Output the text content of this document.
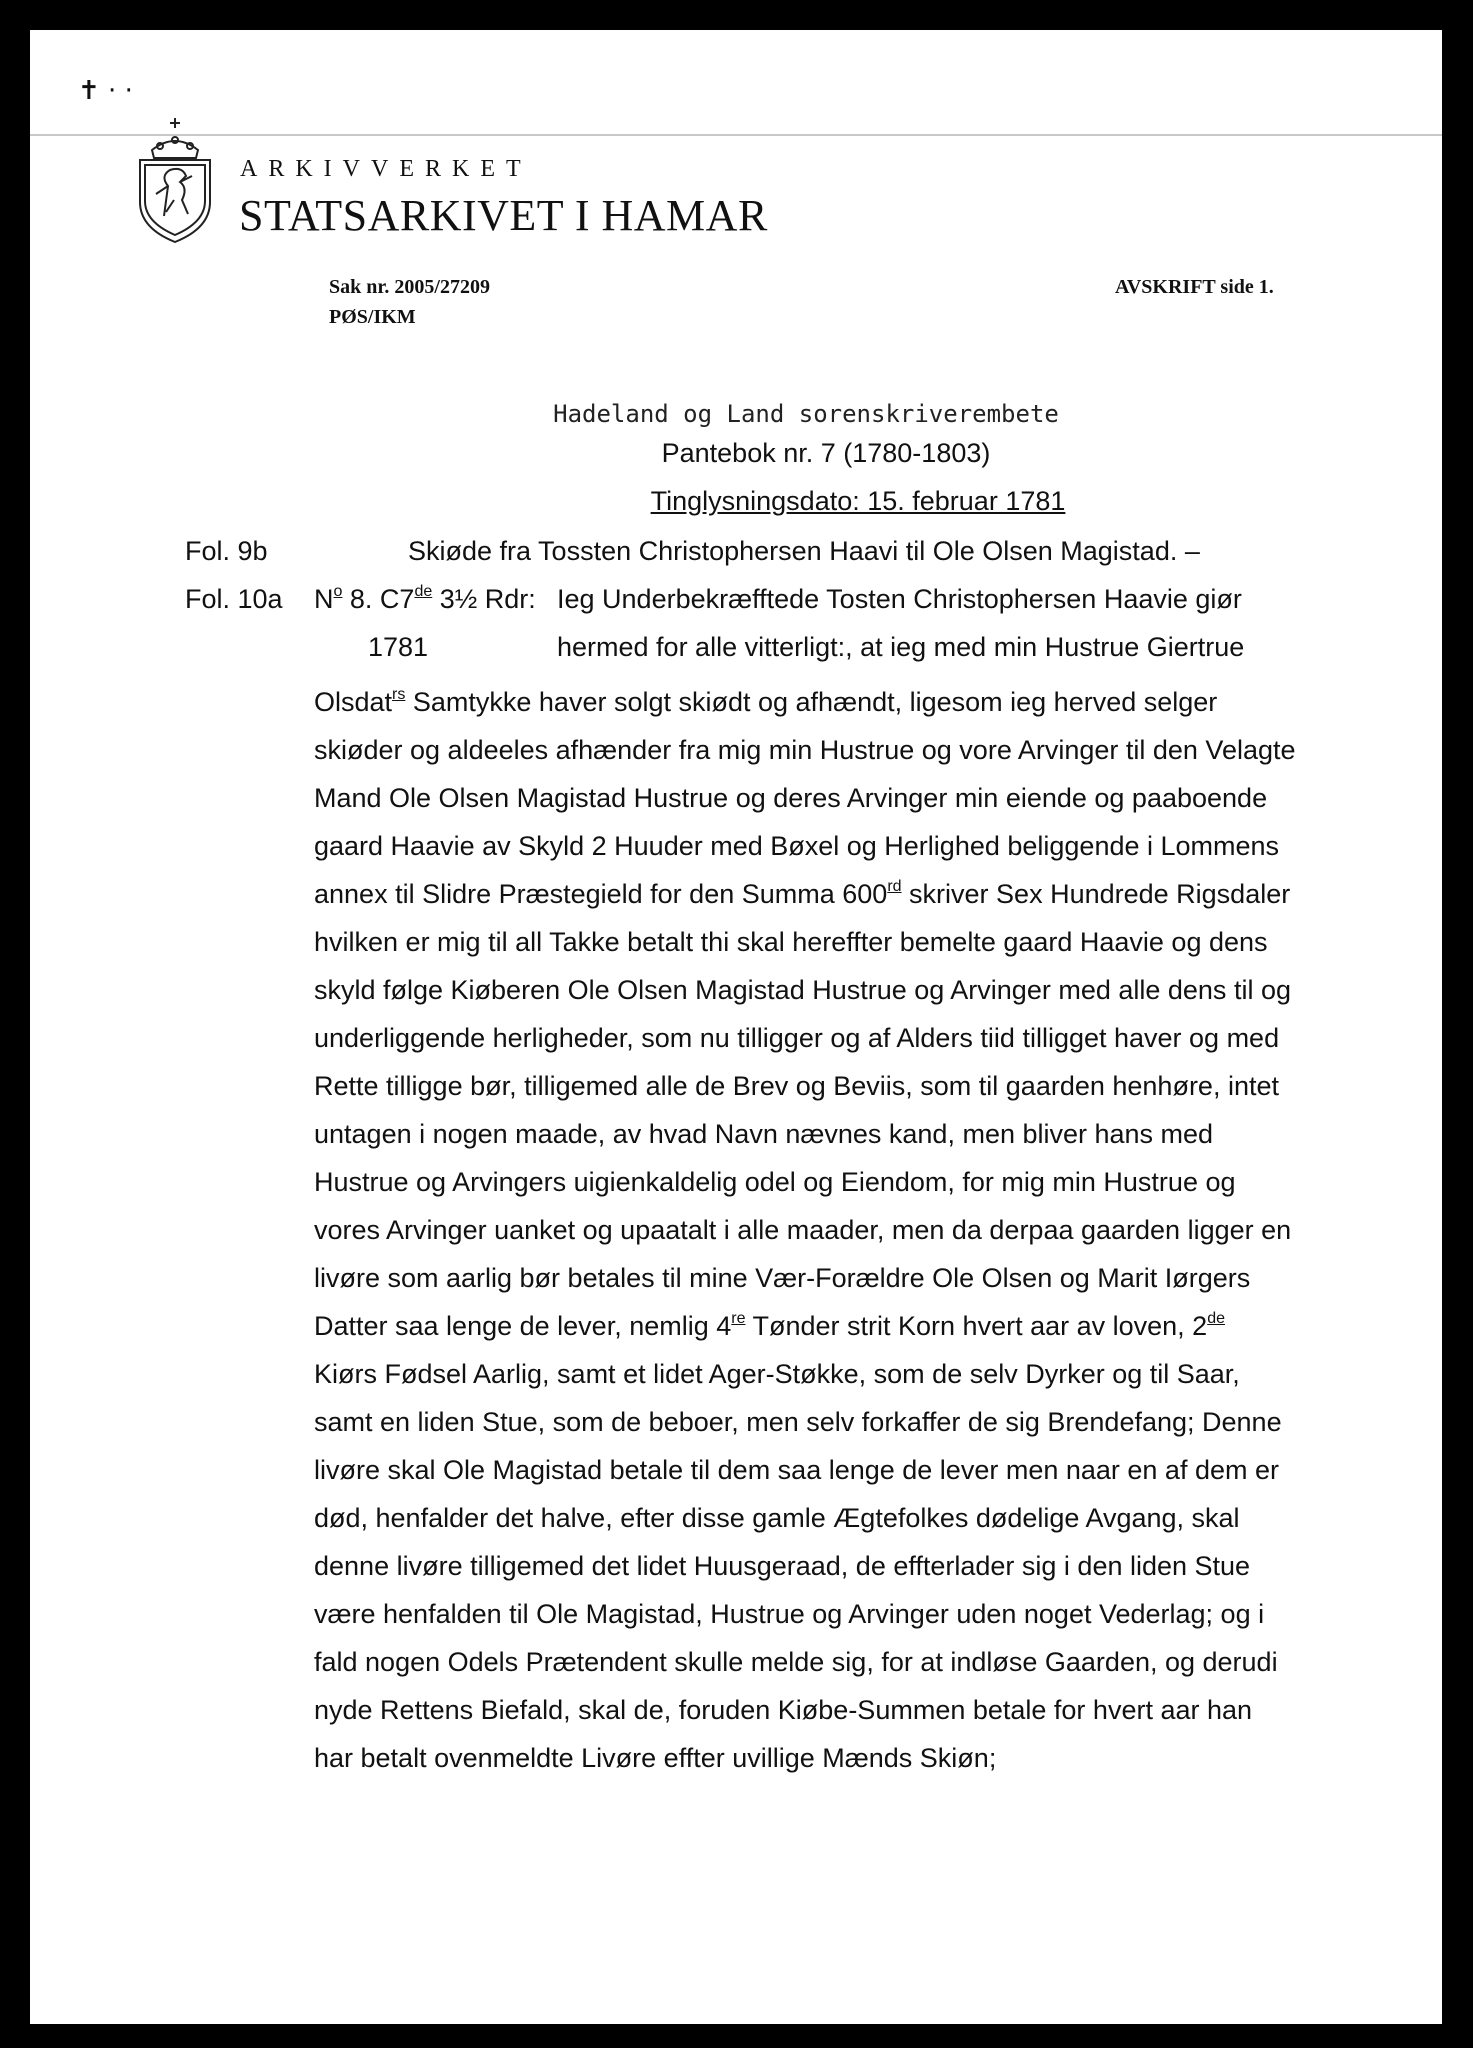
✝ · ·
ARKIVVERKET
STATSARKIVET I HAMAR
Sak nr. 2005/27209
PØS/IKM
AVSKRIFT side 1.
Hadeland og Land sorenskriverembete
Pantebok nr. 7 (1780-1803)
Tinglysningsdato: 15. februar 1781
Fol. 9b	Skiøde fra Tossten Christophersen Haavi til Ole Olsen Magistad. –
Fol. 10a $N^o$ 8. C7de 3½ Rdr: Ieg Underbekræfftede Tosten Christophersen Haavie giør
1781	hermed for alle vitterligt:, at ieg med min Hustrue Giertrue
Olsdat$^{rs}$ Samtykke haver solgt skiødt og afhændt, ligesom ieg herved selger
skiøder og aldeeles afhænder fra mig min Hustrue og vore Arvinger til den Velagte
Mand Ole Olsen Magistad Hustrue og deres Arvinger min eiende og paaboende
gaard Haavie av Skyld 2 Huuder med Bøxel og Herlighed beliggende i Lommens
annex til Slidre Præstegield for den Summa 600rd skriver Sex Hundrede Rigsdaler
hvilken er mig til all Takke betalt thi skal hereffter bemelte gaard Haavie og dens
skyld følge Kiøberen Ole Olsen Magistad Hustrue og Arvinger med alle dens til og
underliggende herligheder, som nu tilligger og af Alders tiid tilligget haver og med
Rette tilligge bør, tilligemed alle de Brev og Beviis, som til gaarden henhøre, intet
untagen i nogen maade, av hvad Navn nævnes kand, men bliver hans med
Hustrue og Arvingers uigienkaldelig odel og Eiendom, for mig min Hustrue og
vores Arvinger uanket og upaatalt i alle maader, men da derpaa gaarden ligger en
livøre som aarlig bør betales til mine Vær-Forældre Ole Olsen og Marit Iørgers
Datter saa lenge de lever, nemlig 4re Tønder strit Korn hvert aar av loven, 2de
Kiørs Fødsel Aarlig, samt et lidet Ager-Støkke, som de selv Dyrker og til Saar,
samt en liden Stue, som de beboer, men selv forkaffer de sig Brendefang; Denne
livøre skal Ole Magistad betale til dem saa lenge de lever men naar en af dem er
død, henfalder det halve, efter disse gamle Ægtefolkes dødelige Avgang, skal
denne livøre tilligemed det lidet Huusgeraad, de effterlader sig i den liden Stue
være henfalden til Ole Magistad, Hustrue og Arvinger uden noget Vederlag; og i
fald nogen Odels Prætendent skulle melde sig, for at indløse Gaarden, og derudi
nyde Rettens Biefald, skal de, foruden Kiøbe-Summen betale for hvert aar han
har betalt ovenmeldte Livøre effter uvillige Mænds Skiøn;
